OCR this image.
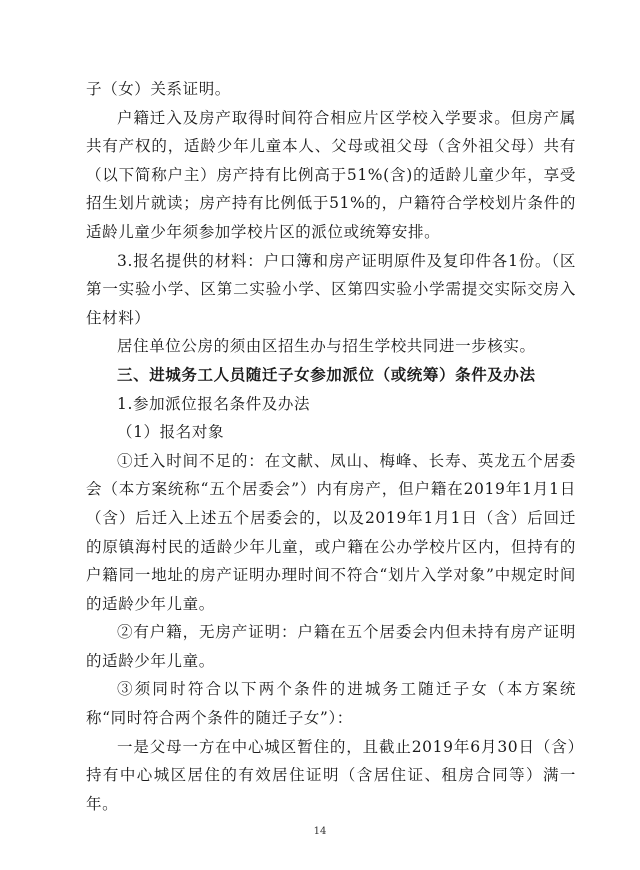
子（女）关系证明。

户籍迁入及房产取得时间符合相应片区学校入学要求。但房产属共有产权的，适龄少年儿童本人、父母或祖父母（含外祖父母）共有（以下简称户主）房产持有比例高于51%(含)的适龄儿童少年，享受招生划片就读；房产持有比例低于51%的，户籍符合学校划片条件的适龄儿童少年须参加学校片区的派位或统筹安排。

3.报名提供的材料：户口簿和房产证明原件及复印件各1份。（区第一实验小学、区第二实验小学、区第四实验小学需提交实际交房入住材料）

居住单位公房的须由区招生办与招生学校共同进一步核实。

三、进城务工人员随迁子女参加派位（或统筹）条件及办法

1.参加派位报名条件及办法

（1）报名对象

①迁入时间不足的：在文献、凤山、梅峰、长寿、英龙五个居委会（本方案统称“五个居委会”）内有房产，但户籍在2019年1月1日（含）后迁入上述五个居委会的，以及2019年1月1日（含）后回迁的原镇海村民的适龄少年儿童，或户籍在公办学校片区内，但持有的户籍同一地址的房产证明办理时间不符合“划片入学对象”中规定时间的适龄少年儿童。

②有户籍，无房产证明：户籍在五个居委会内但未持有房产证明的适龄少年儿童。

③须同时符合以下两个条件的进城务工随迁子女（本方案统称“同时符合两个条件的随迁子女”）：

一是父母一方在中心城区暂住的，且截止2019年6月30日（含）持有中心城区居住的有效居住证明（含居住证、租房合同等）满一年。

14
